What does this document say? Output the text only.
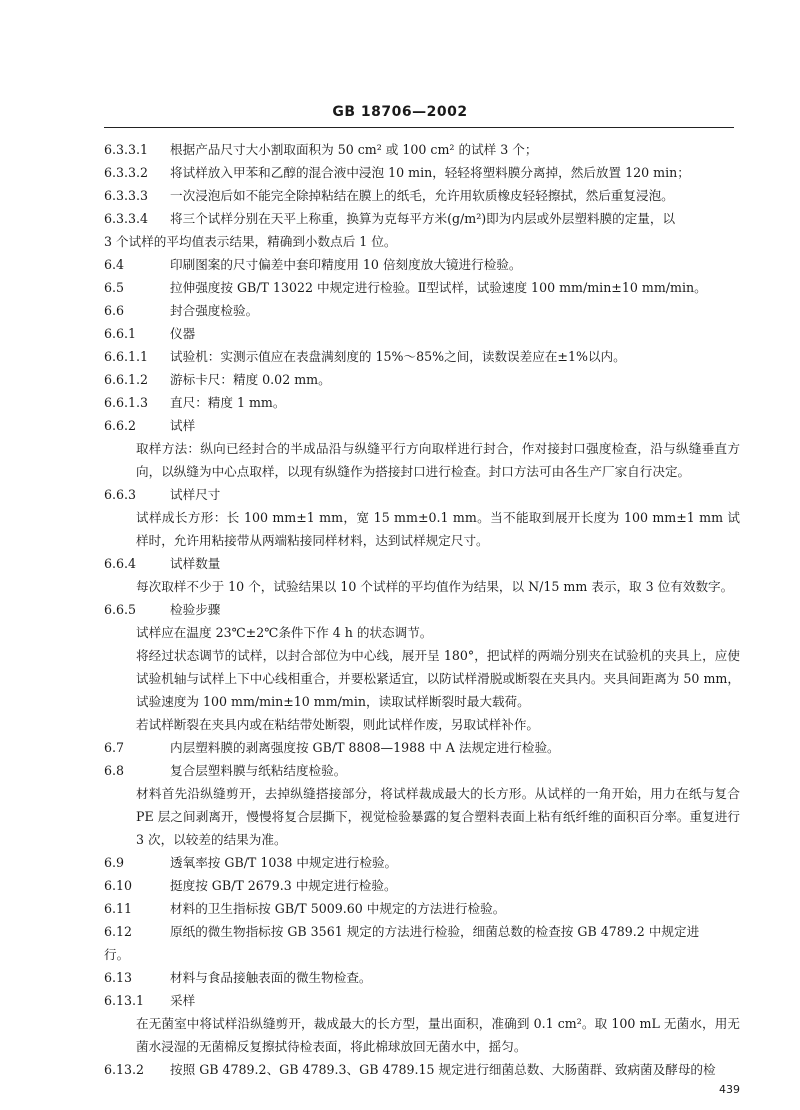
GB 18706—2002
6.3.3.1 根据产品尺寸大小割取面积为 50 cm² 或 100 cm² 的试样 3 个；
6.3.3.2 将试样放入甲苯和乙醇的混合液中浸泡 10 min，轻轻将塑料膜分离掉，然后放置 120 min；
6.3.3.3 一次浸泡后如不能完全除掉粘结在膜上的纸毛，允许用软质橡皮轻轻擦拭，然后重复浸泡。
6.3.3.4 将三个试样分别在天平上称重，换算为克每平方米(g/m²)即为内层或外层塑料膜的定量，以
3 个试样的平均值表示结果，精确到小数点后 1 位。
6.4	印刷图案的尺寸偏差中套印精度用 10 倍刻度放大镜进行检验。
6.5	拉伸强度按 GB/T 13022 中规定进行检验。Ⅱ型试样，试验速度 100 mm/min±10 mm/min。
6.6	封合强度检验。
6.6.1	仪器
6.6.1.1 试验机：实测示值应在表盘满刻度的 15%～85%之间，读数误差应在±1%以内。
6.6.1.2 游标卡尺：精度 0.02 mm。
6.6.1.3 直尺：精度 1 mm。
6.6.2	试样
取样方法：纵向已经封合的半成品沿与纵缝平行方向取样进行封合，作对接封口强度检查，沿与纵缝垂直方向，以纵缝为中心点取样，以现有纵缝作为搭接封口进行检查。封口方法可由各生产厂家自行决定。
6.6.3	试样尺寸
试样成长方形：长 100 mm±1 mm，宽 15 mm±0.1 mm。当不能取到展开长度为 100 mm±1 mm 试样时，允许用粘接带从两端粘接同样材料，达到试样规定尺寸。
6.6.4	试样数量
每次取样不少于 10 个，试验结果以 10 个试样的平均值作为结果，以 N/15 mm 表示，取 3 位有效数字。
6.6.5	检验步骤
试样应在温度 23℃±2℃条件下作 4 h 的状态调节。
将经过状态调节的试样，以封合部位为中心线，展开呈 180°，把试样的两端分别夹在试验机的夹具上，应使试验机轴与试样上下中心线相重合，并要松紧适宜，以防试样滑脱或断裂在夹具内。夹具间距离为 50 mm，试验速度为 100 mm/min±10 mm/min，读取试样断裂时最大载荷。
若试样断裂在夹具内或在粘结带处断裂，则此试样作废，另取试样补作。
6.7	内层塑料膜的剥离强度按 GB/T 8808—1988 中 A 法规定进行检验。
6.8	复合层塑料膜与纸粘结度检验。
材料首先沿纵缝剪开，去掉纵缝搭接部分，将试样裁成最大的长方形。从试样的一角开始，用力在纸与复合 PE 层之间剥离开，慢慢将复合层撕下，视觉检验暴露的复合塑料表面上粘有纸纤维的面积百分率。重复进行 3 次，以较差的结果为准。
6.9	透氧率按 GB/T 1038 中规定进行检验。
6.10	挺度按 GB/T 2679.3 中规定进行检验。
6.11	材料的卫生指标按 GB/T 5009.60 中规定的方法进行检验。
6.12	原纸的微生物指标按 GB 3561 规定的方法进行检验，细菌总数的检查按 GB 4789.2 中规定进
行。
6.13	材料与食品接触表面的微生物检查。
6.13.1 采样
在无菌室中将试样沿纵缝剪开，裁成最大的长方型，量出面积，准确到 0.1 cm²。取 100 mL 无菌水，用无菌水浸湿的无菌棉反复擦拭待检表面，将此棉球放回无菌水中，摇匀。
6.13.2 按照 GB 4789.2、GB 4789.3、GB 4789.15 规定进行细菌总数、大肠菌群、致病菌及酵母的检
439
